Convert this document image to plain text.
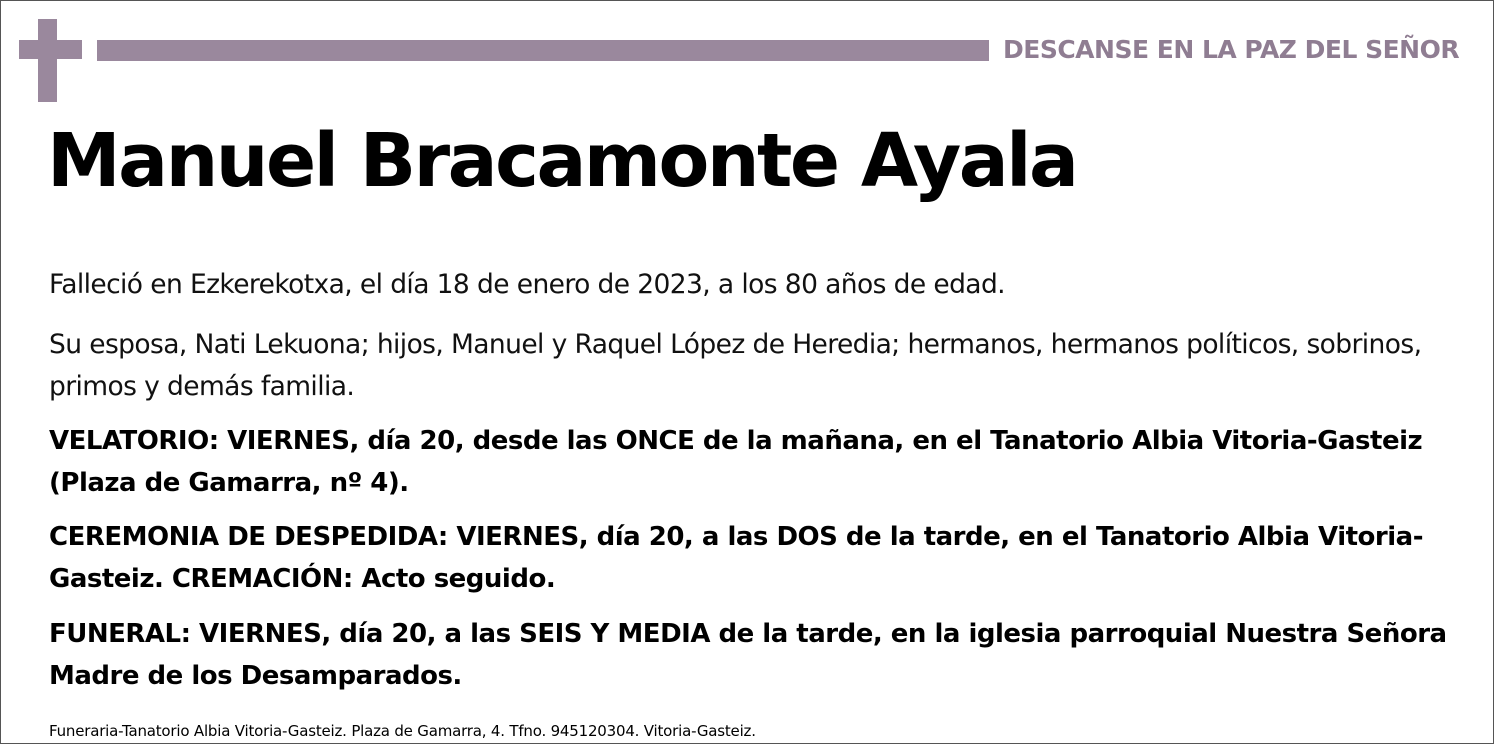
DESCANSE EN LA PAZ DEL SEÑOR
Manuel Bracamonte Ayala
Falleció en Ezkerekotxa, el día 18 de enero de 2023, a los 80 años de edad.
Su esposa, Nati Lekuona; hijos, Manuel y Raquel López de Heredia; hermanos, hermanos políticos, sobrinos, primos y demás familia.
VELATORIO: VIERNES, día 20, desde las ONCE de la mañana, en el Tanatorio Albia Vitoria-Gasteiz (Plaza de Gamarra, nº 4).
CEREMONIA DE DESPEDIDA: VIERNES, día 20, a las DOS de la tarde, en el Tanatorio Albia Vitoria-Gasteiz. CREMACIÓN: Acto seguido.
FUNERAL: VIERNES, día 20, a las SEIS Y MEDIA de la tarde, en la iglesia parroquial Nuestra Señora Madre de los Desamparados.
Funeraria-Tanatorio Albia Vitoria-Gasteiz. Plaza de Gamarra, 4. Tfno. 945120304. Vitoria-Gasteiz.
